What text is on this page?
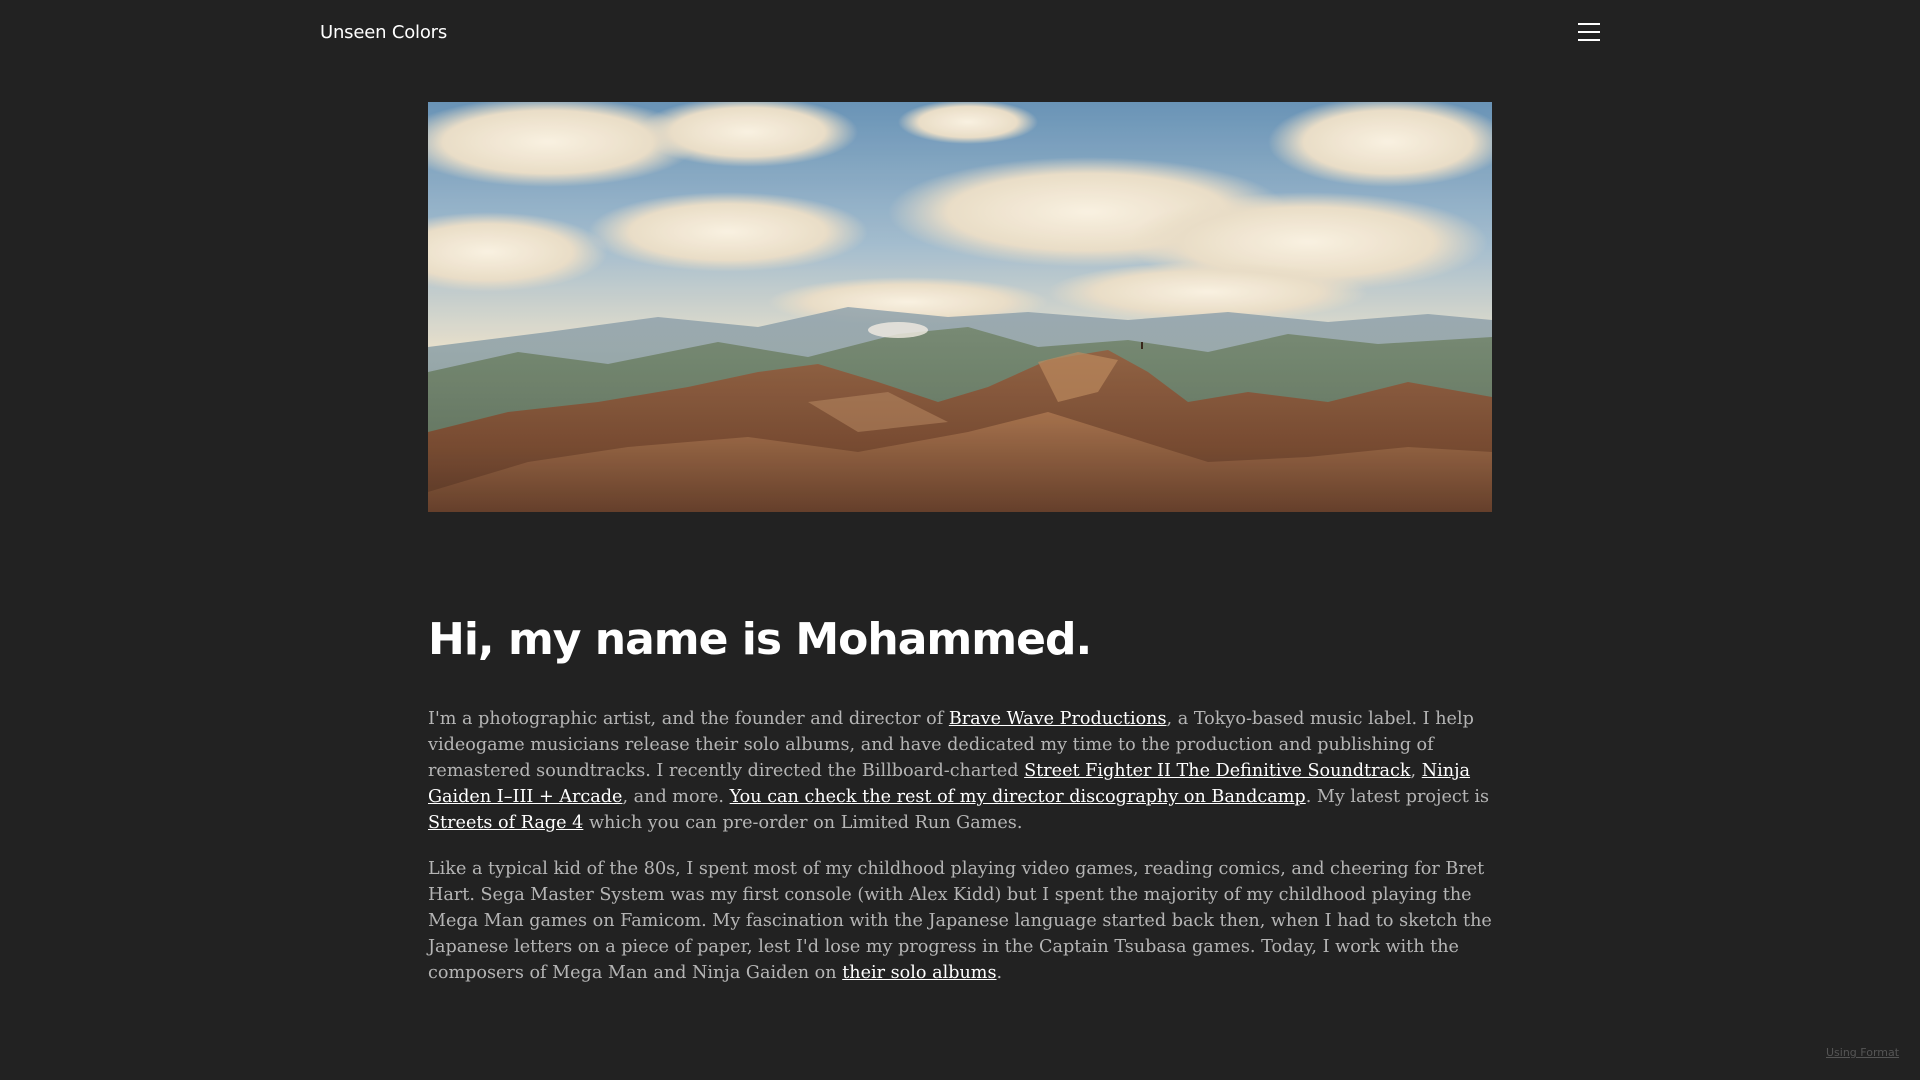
Unseen Colors
Hi, my name is Mohammed.

I'm a photographic artist, and the founder and director of Brave Wave Productions, a Tokyo-based music label. I help videogame musicians release their solo albums, and have dedicated my time to the production and publishing of remastered soundtracks. I recently directed the Billboard-charted Street Fighter II The Definitive Soundtrack, Ninja Gaiden I–III + Arcade, and more. You can check the rest of my director discography on Bandcamp. My latest project is Streets of Rage 4 which you can pre-order on Limited Run Games.

Like a typical kid of the 80s, I spent most of my childhood playing video games, reading comics, and cheering for Bret Hart. Sega Master System was my first console (with Alex Kidd) but I spent the majority of my childhood playing the Mega Man games on Famicom. My fascination with the Japanese language started back then, when I had to sketch the Japanese letters on a piece of paper, lest I'd lose my progress in the Captain Tsubasa games. Today, I work with the composers of Mega Man and Ninja Gaiden on their solo albums.

Using Format
